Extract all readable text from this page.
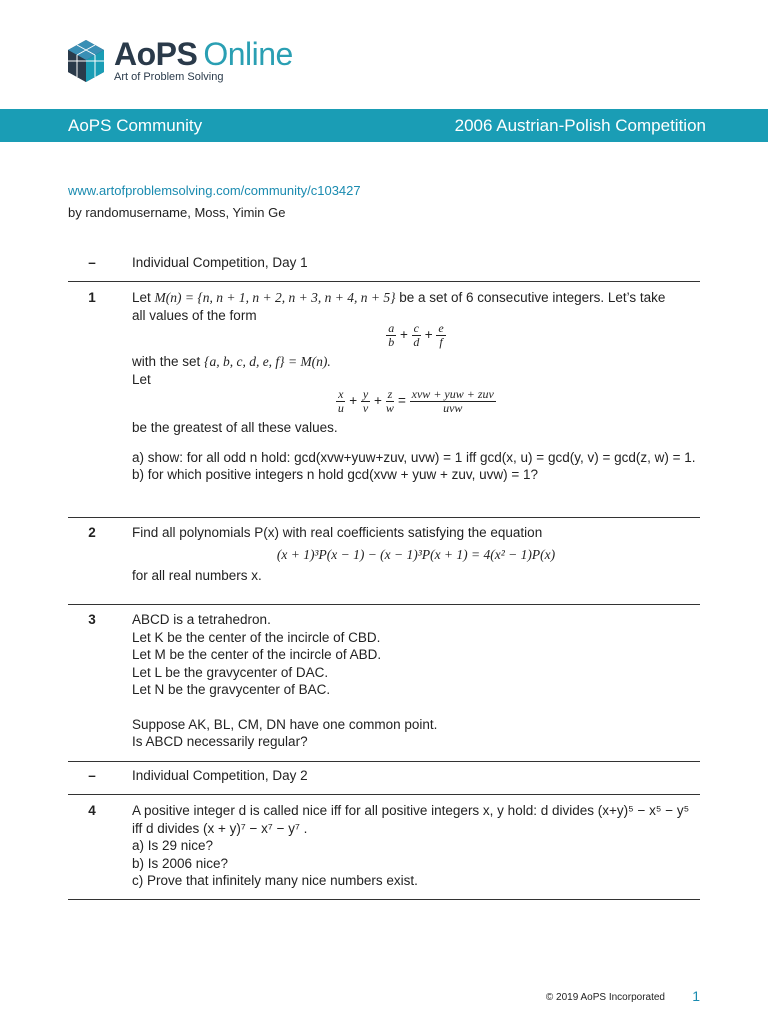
AoPS Online
Art of Problem Solving
AoPS Community	2006 Austrian-Polish Competition
www.artofproblemsolving.com/community/c103427
by randomusername, Moss, Yimin Ge
–	Individual Competition, Day 1
1	Let M(n) = {n, n + 1, n + 2, n + 3, n + 4, n + 5} be a set of 6 consecutive integers. Let’s take
all values of the form
$\frac{a}{b} + \frac{c}{d} + \frac{e}{f}$
with the set {a, b, c, d, e, f} = M(n).
Let
$\frac{x}{u} + \frac{y}{v} + \frac{z}{w} = \frac{\text{xvw + yuw + zuv}}{\text{uvw}}$
be the greatest of all these values.
a) show: for all odd n hold: gcd(xvw+yuw+zuv, uvw) = 1 iff gcd(x, u) = gcd(y, v) = gcd(z, w) = 1.
b) for which positive integers n hold gcd(xvw + yuw + zuv, uvw) = 1?
2	Find all polynomials P(x) with real coefficients satisfying the equation
(x + 1)³P(x − 1) − (x − 1)³P(x + 1) = 4(x² − 1)P(x)
for all real numbers x.
3	ABCD is a tetrahedron.
Let K be the center of the incircle of CBD.
Let M be the center of the incircle of ABD.
Let L be the gravycenter of DAC.
Let N be the gravycenter of BAC.
Suppose AK, BL, CM, DN have one common point.
Is ABCD necessarily regular?
–	Individual Competition, Day 2
4	A positive integer d is called nice iff for all positive integers x, y hold: d divides (x+y)⁵ − x⁵ − y⁵
iff d divides (x + y)⁷ − x⁷ − y⁷ .
a) Is 29 nice?
b) Is 2006 nice?
c) Prove that infinitely many nice numbers exist.
© 2019 AoPS Incorporated 1
